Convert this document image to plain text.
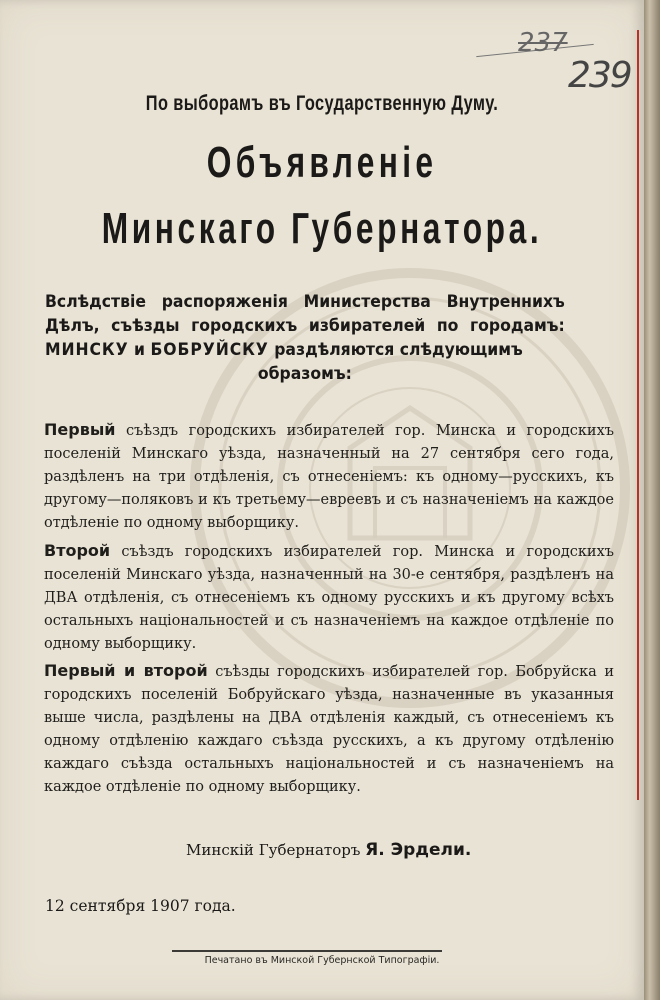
237
239
По выборамъ въ Государственную Думу.
Объявленіе
Минскаго Губернатора.
Вслѣдствіе распоряженія Министерства Внутреннихъ Дѣлъ, съѣзды городскихъ избирателей по городамъ: МИНСКУ и БОБРУЙСКУ раздѣляются слѣдующимъ
образомъ:
Первый съѣздъ городскихъ избирателей гор. Минска и городскихъ поселеній Минскаго уѣзда, назначенный на 27 сентября сего года, раздѣленъ на три отдѣленія, съ отнесеніемъ: къ одному—русскихъ, къ другому—поляковъ и къ третьему—евреевъ и съ назначеніемъ на каждое отдѣленіе по одному выборщику.
Второй съѣздъ городскихъ избирателей гор. Минска и городскихъ поселеній Минскаго уѣзда, назначенный на 30-е сентября, раздѣленъ на ДВА отдѣленія, съ отнесеніемъ къ одному русскихъ и къ другому всѣхъ остальныхъ національностей и съ назначеніемъ на каждое отдѣленіе по одному выборщику.
Первый и второй съѣзды городскихъ избирателей гор. Бобруйска и городскихъ поселеній Бобруйскаго уѣзда, назначенные въ указанныя выше числа, раздѣлены на ДВА отдѣленія каждый, съ отнесеніемъ къ одному отдѣленію каждаго съѣзда русскихъ, а къ другому отдѣленію каждаго съѣзда остальныхъ національностей и съ назначеніемъ на каждое отдѣленіе по одному выборщику.
Минскій Губернаторъ Я. Эрдели.
12 сентября 1907 года.
Печатано въ Минской Губернской Типографіи.
